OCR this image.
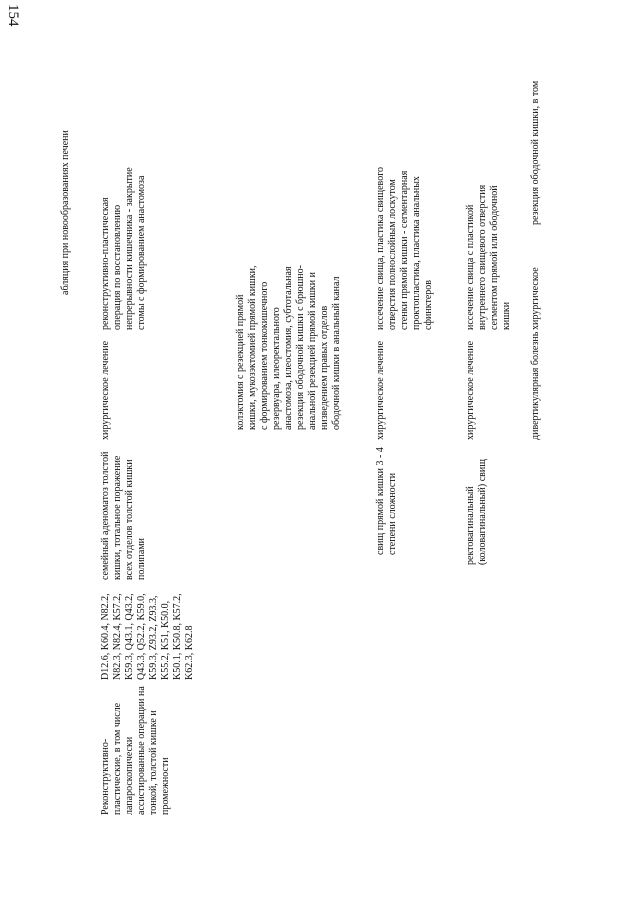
154
абляция при новообразованиях печени
Реконструктивно-пластические, в том числе лапароскопически ассистированные операции на тонкой, толстой кишке и промежности
D12.6, K60.4, N82.2, N82.3, N82.4, K57.2, K59.3, Q43.1, Q43.2, Q43.3, Q52.2, K59.0, K59.3, Z93.2, Z93.3, K55.2, K51, K50.0, K50.1, K50.8, K57.2, K62.3, K62.8
семейный аденоматоз толстой кишки, тотальное поражение всех отделов толстой кишки полипами
хирургическое лечение
реконструктивно-пластическая операция по восстановлению непрерывности кишечника - закрытие стомы с формированием анастомоза
колэктомия с резекцией прямой кишки, мукозэктомией прямой кишки, с формированием тонкокишечного резервуара, илеоректального анастомоза, илеостомия, субтотальная резекция ободочной кишки с брюшно-анальной резекцией прямой кишки и низведением правых отделов ободочной кишки в анальный канал
свищ прямой кишки 3 - 4 степени сложности
хирургическое лечение
иссечение свища, пластика свищевого отверстия полнослойным лоскутом стенки прямой кишки - сегментарная проктопластика, пластика анальных сфинктеров
ректовагинальный (коловагинальный) свищ
хирургическое лечение
иссечение свища с пластикой внутреннего свищевого отверстия сегментом прямой или ободочной кишки
дивертикулярная болезнь
хирургическое
резекция ободочной кишки, в том
